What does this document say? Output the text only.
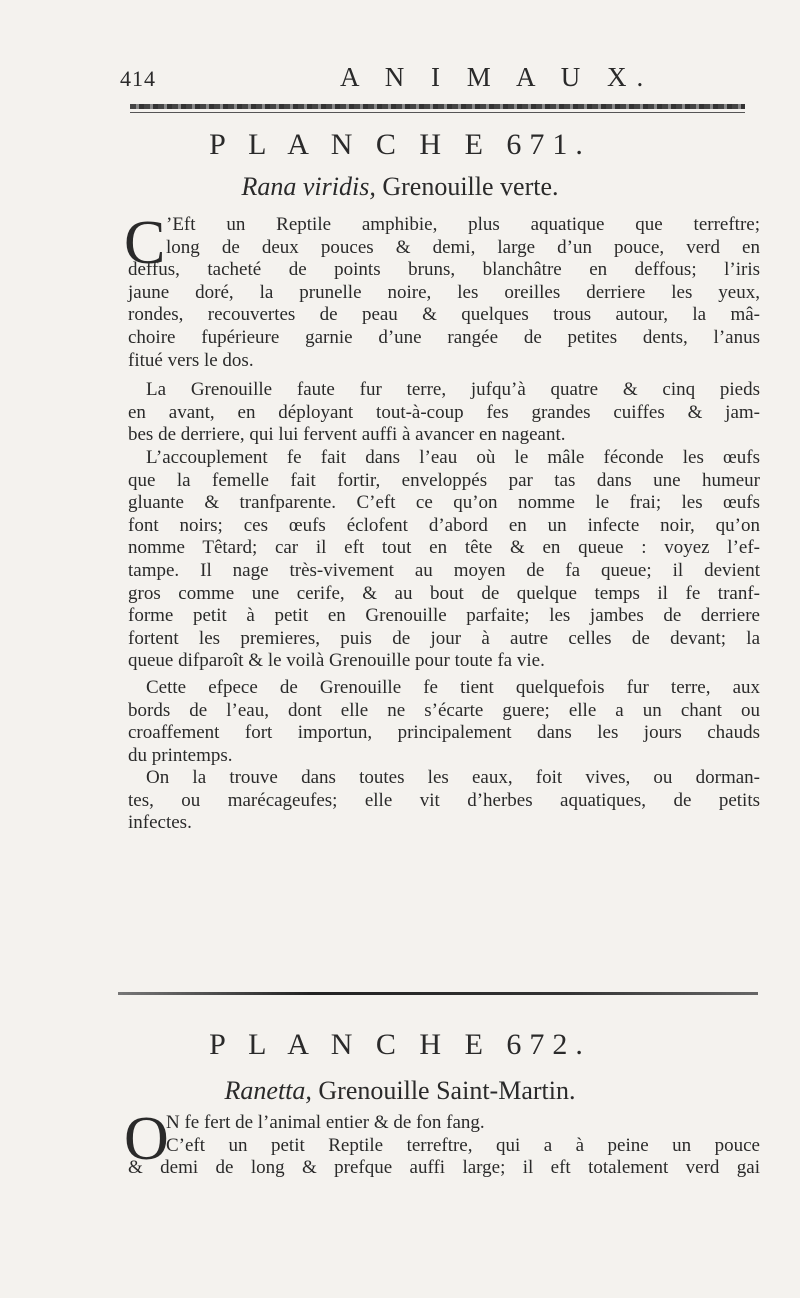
414	A N I M A U X.
P L A N C H E 671.
Rana viridis, Grenouille verte.
C ’Eft un Reptile amphibie, plus aquatique que terreftre;
long de deux pouces & demi, large d’un pouce, verd en
deffus, tacheté de points bruns, blanchâtre en deffous; l’iris
jaune doré, la prunelle noire, les oreilles derriere les yeux,
rondes, recouvertes de peau & quelques trous autour, la mâ-
choire fupérieure garnie d’une rangée de petites dents, l’anus
fitué vers le dos.
La Grenouille faute fur terre, jufqu’à quatre & cinq pieds
en avant, en déployant tout-à-coup fes grandes cuiffes & jam-
bes de derriere, qui lui fervent auffi à avancer en nageant.
L’accouplement fe fait dans l’eau où le mâle féconde les œufs
que la femelle fait fortir, enveloppés par tas dans une humeur
gluante & tranfparente. C’eft ce qu’on nomme le frai; les œufs
font noirs; ces œufs éclofent d’abord en un infecte noir, qu’on
nomme Têtard; car il eft tout en tête & en queue : voyez l’ef-
tampe. Il nage très-vivement au moyen de fa queue; il devient
gros comme une cerife, & au bout de quelque temps il fe tranf-
forme petit à petit en Grenouille parfaite; les jambes de derriere
fortent les premieres, puis de jour à autre celles de devant; la
queue difparoît & le voilà Grenouille pour toute fa vie.
Cette efpece de Grenouille fe tient quelquefois fur terre, aux
bords de l’eau, dont elle ne s’écarte guere; elle a un chant ou
croaffement fort importun, principalement dans les jours chauds
du printemps.
On la trouve dans toutes les eaux, foit vives, ou dorman-
tes, ou marécageufes; elle vit d’herbes aquatiques, de petits
infectes.
P L A N C H E 672.
Ranetta, Grenouille Saint-Martin.
O
N fe fert de l’animal entier & de fon fang.
C’eft un petit Reptile terreftre, qui a à peine un pouce
& demi de long & prefque auffi large; il eft totalement verd gai
